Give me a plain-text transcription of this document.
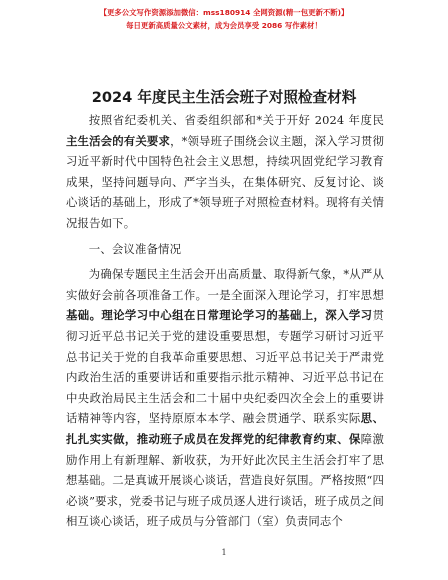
【更多公文写作资源添加微信：mss180914 全网资源(精一包更新不断)】
每日更新高质量公文素材，成为会员享受 2086 写作素材！
2024 年度民主生活会班子对照检查材料

按照省纪委机关、省委组织部和*关于开好 2024 年度民主生活会的有关要求，*领导班子围绕会议主题，深入学习贯彻习近平新时代中国特色社会主义思想，持续巩固党纪学习教育成果，坚持问题导向、严字当头，在集体研究、反复讨论、谈心谈话的基础上，形成了*领导班子对照检查材料。现将有关情况报告如下。

一、会议准备情况

为确保专题民主生活会开出高质量、取得新气象，*从严从实做好会前各项准备工作。一是全面深入理论学习，打牢思想基础。理论学习中心组在日常理论学习的基础上，深入学习贯彻习近平总书记关于党的建设重要思想，专题学习研讨习近平总书记关于党的自我革命重要思想、习近平总书记关于严肃党内政治生活的重要讲话和重要指示批示精神、习近平总书记在中央政治局民主生活会和二十届中央纪委四次全会上的重要讲话精神等内容，坚持原原本本学、融会贯通学、联系实际思、扎扎实实做，推动班子成员在发挥党的纪律教育约束、保障激励作用上有新理解、新收获，为开好此次民主生活会打牢了思想基础。二是真诚开展谈心谈话，营造良好氛围。严格按照“四必谈”要求，党委书记与班子成员逐人进行谈话，班子成员之间相互谈心谈话，班子成员与分管部门（室）负责同志个

1
